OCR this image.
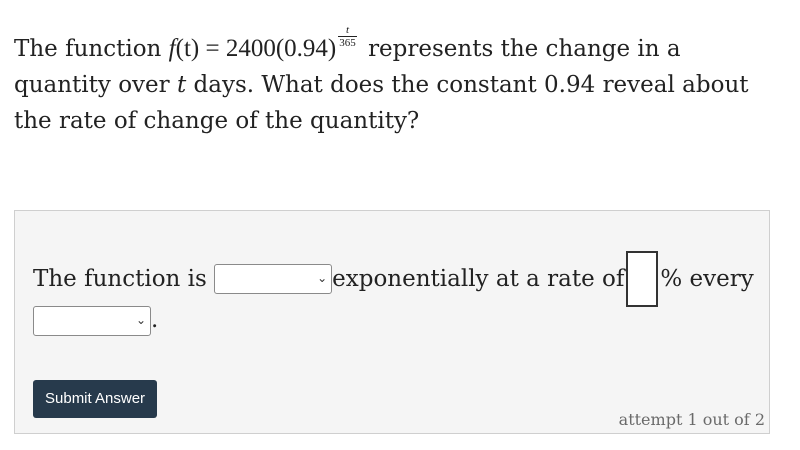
The function $f(t) = 2400(0.94) \frac{t}{365}$ represents the change in a quantity over t days. What does the constant 0.94 reveal about the rate of change of the quantity?
The function is	⌄ exponentially at a rate of % every
⌄ .
Submit Answer
attempt 1 out of 2
